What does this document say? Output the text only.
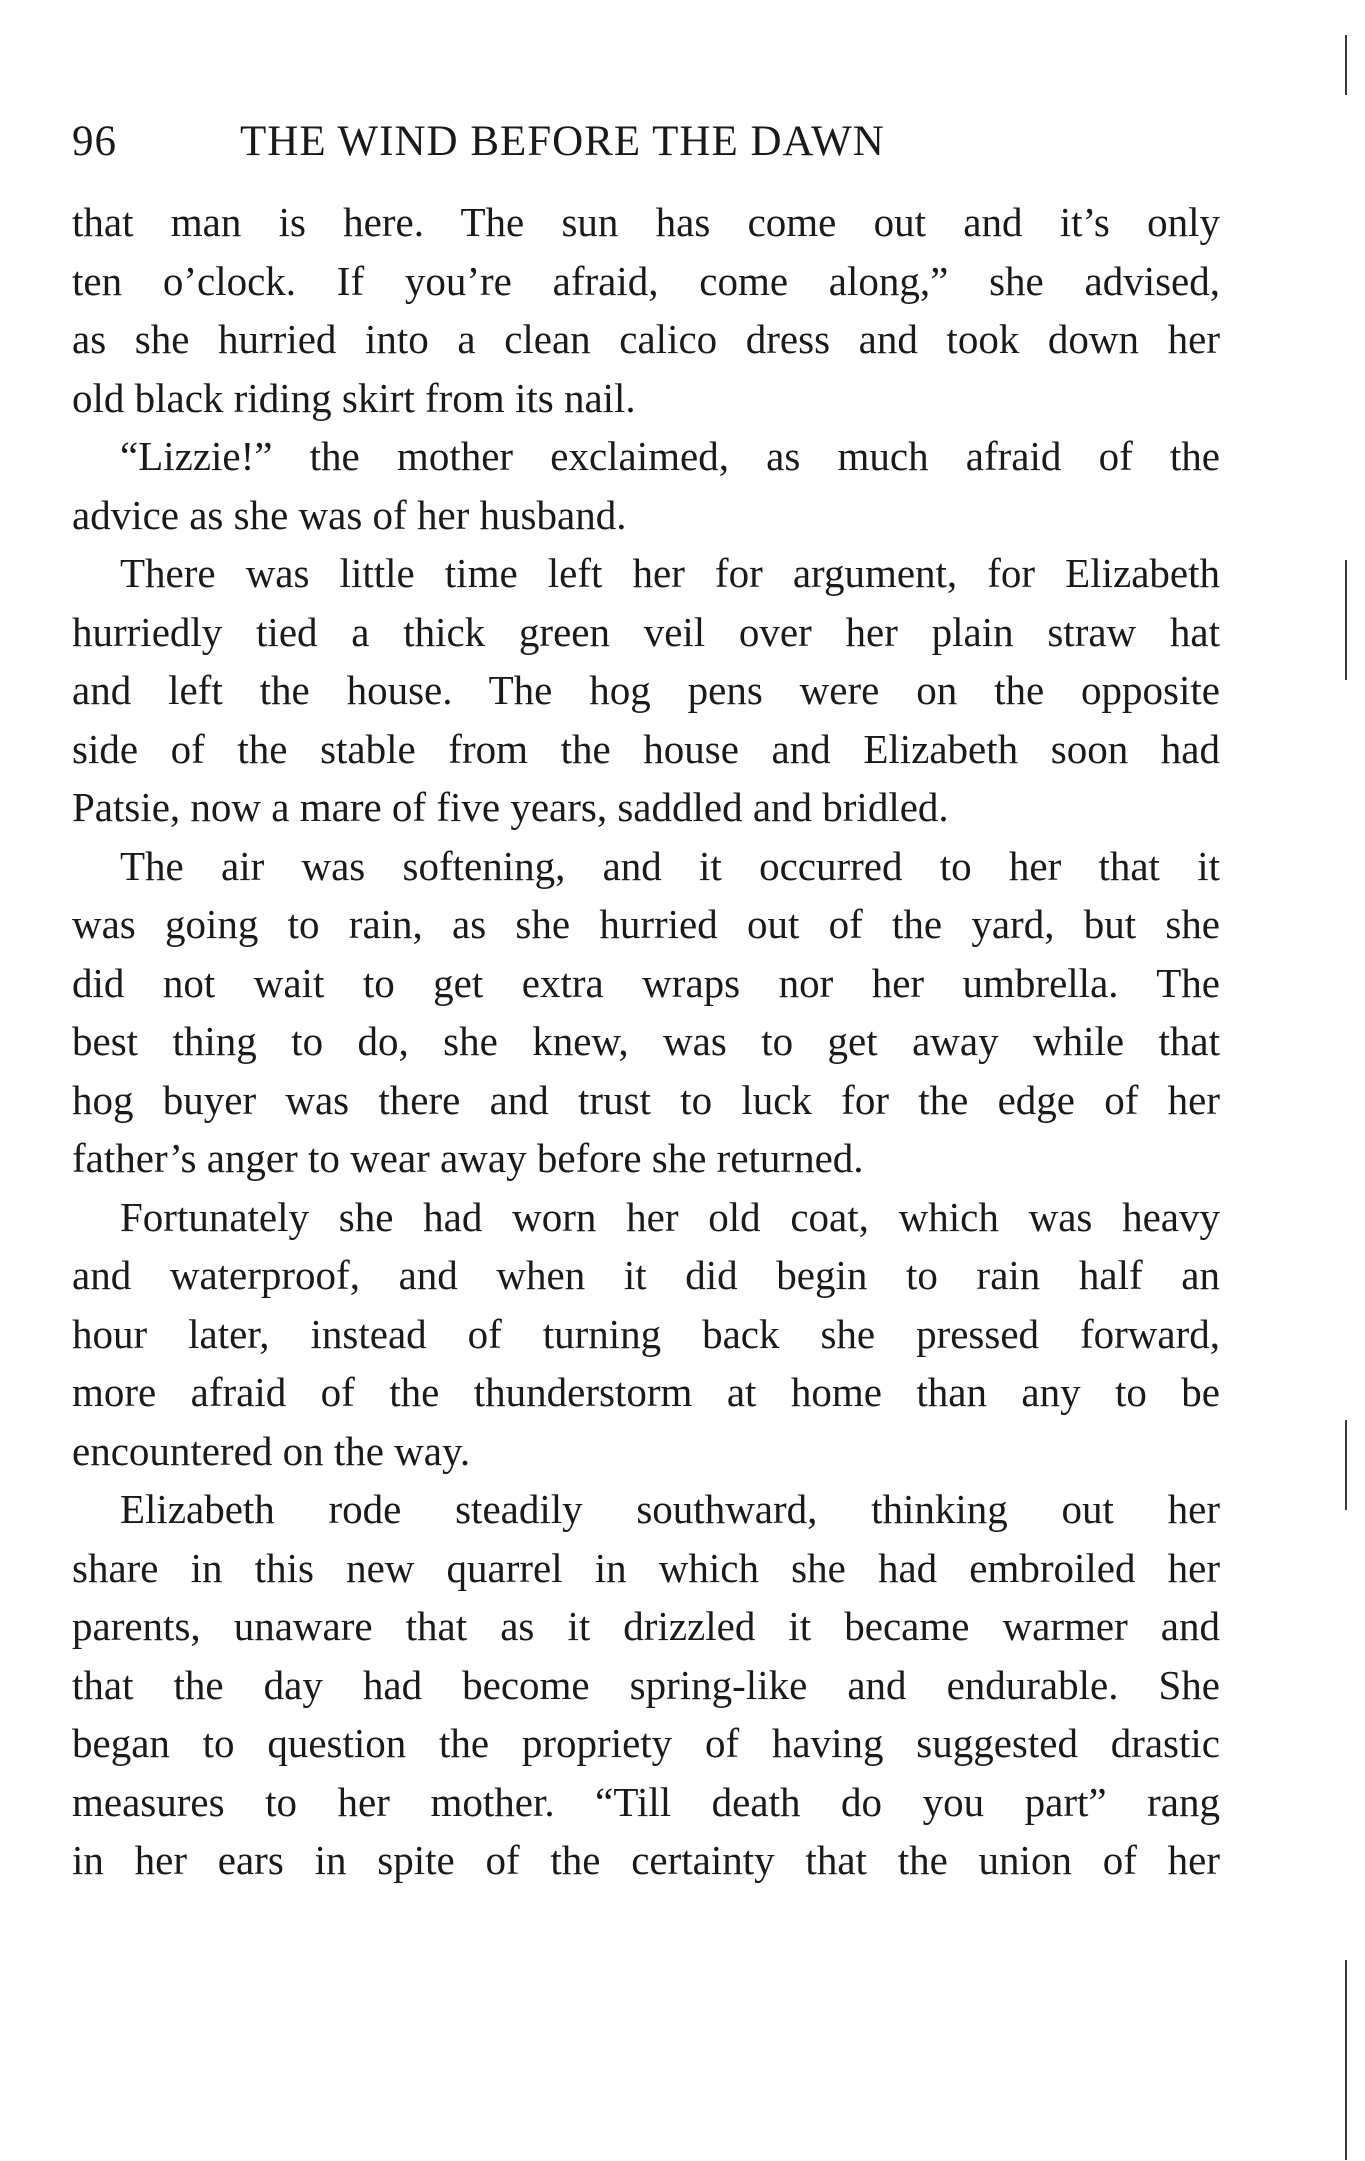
96	THE WIND BEFORE THE DAWN

that man is here. The sun has come out and it’s only
ten o’clock. If you’re afraid, come along,” she advised,
as she hurried into a clean calico dress and took down her
old black riding skirt from its nail.

“Lizzie!” the mother exclaimed, as much afraid of the
advice as she was of her husband.

There was little time left her for argument, for Elizabeth
hurriedly tied a thick green veil over her plain straw hat
and left the house. The hog pens were on the opposite
side of the stable from the house and Elizabeth soon had
Patsie, now a mare of five years, saddled and bridled.

The air was softening, and it occurred to her that it
was going to rain, as she hurried out of the yard, but she
did not wait to get extra wraps nor her umbrella. The
best thing to do, she knew, was to get away while that
hog buyer was there and trust to luck for the edge of her
father’s anger to wear away before she returned.

Fortunately she had worn her old coat, which was heavy
and waterproof, and when it did begin to rain half an
hour later, instead of turning back she pressed forward,
more afraid of the thunderstorm at home than any to be
encountered on the way.

Elizabeth rode steadily southward, thinking out her
share in this new quarrel in which she had embroiled her
parents, unaware that as it drizzled it became warmer and
that the day had become spring-like and endurable. She
began to question the propriety of having suggested drastic
measures to her mother. “Till death do you part” rang
in her ears in spite of the certainty that the union of her
